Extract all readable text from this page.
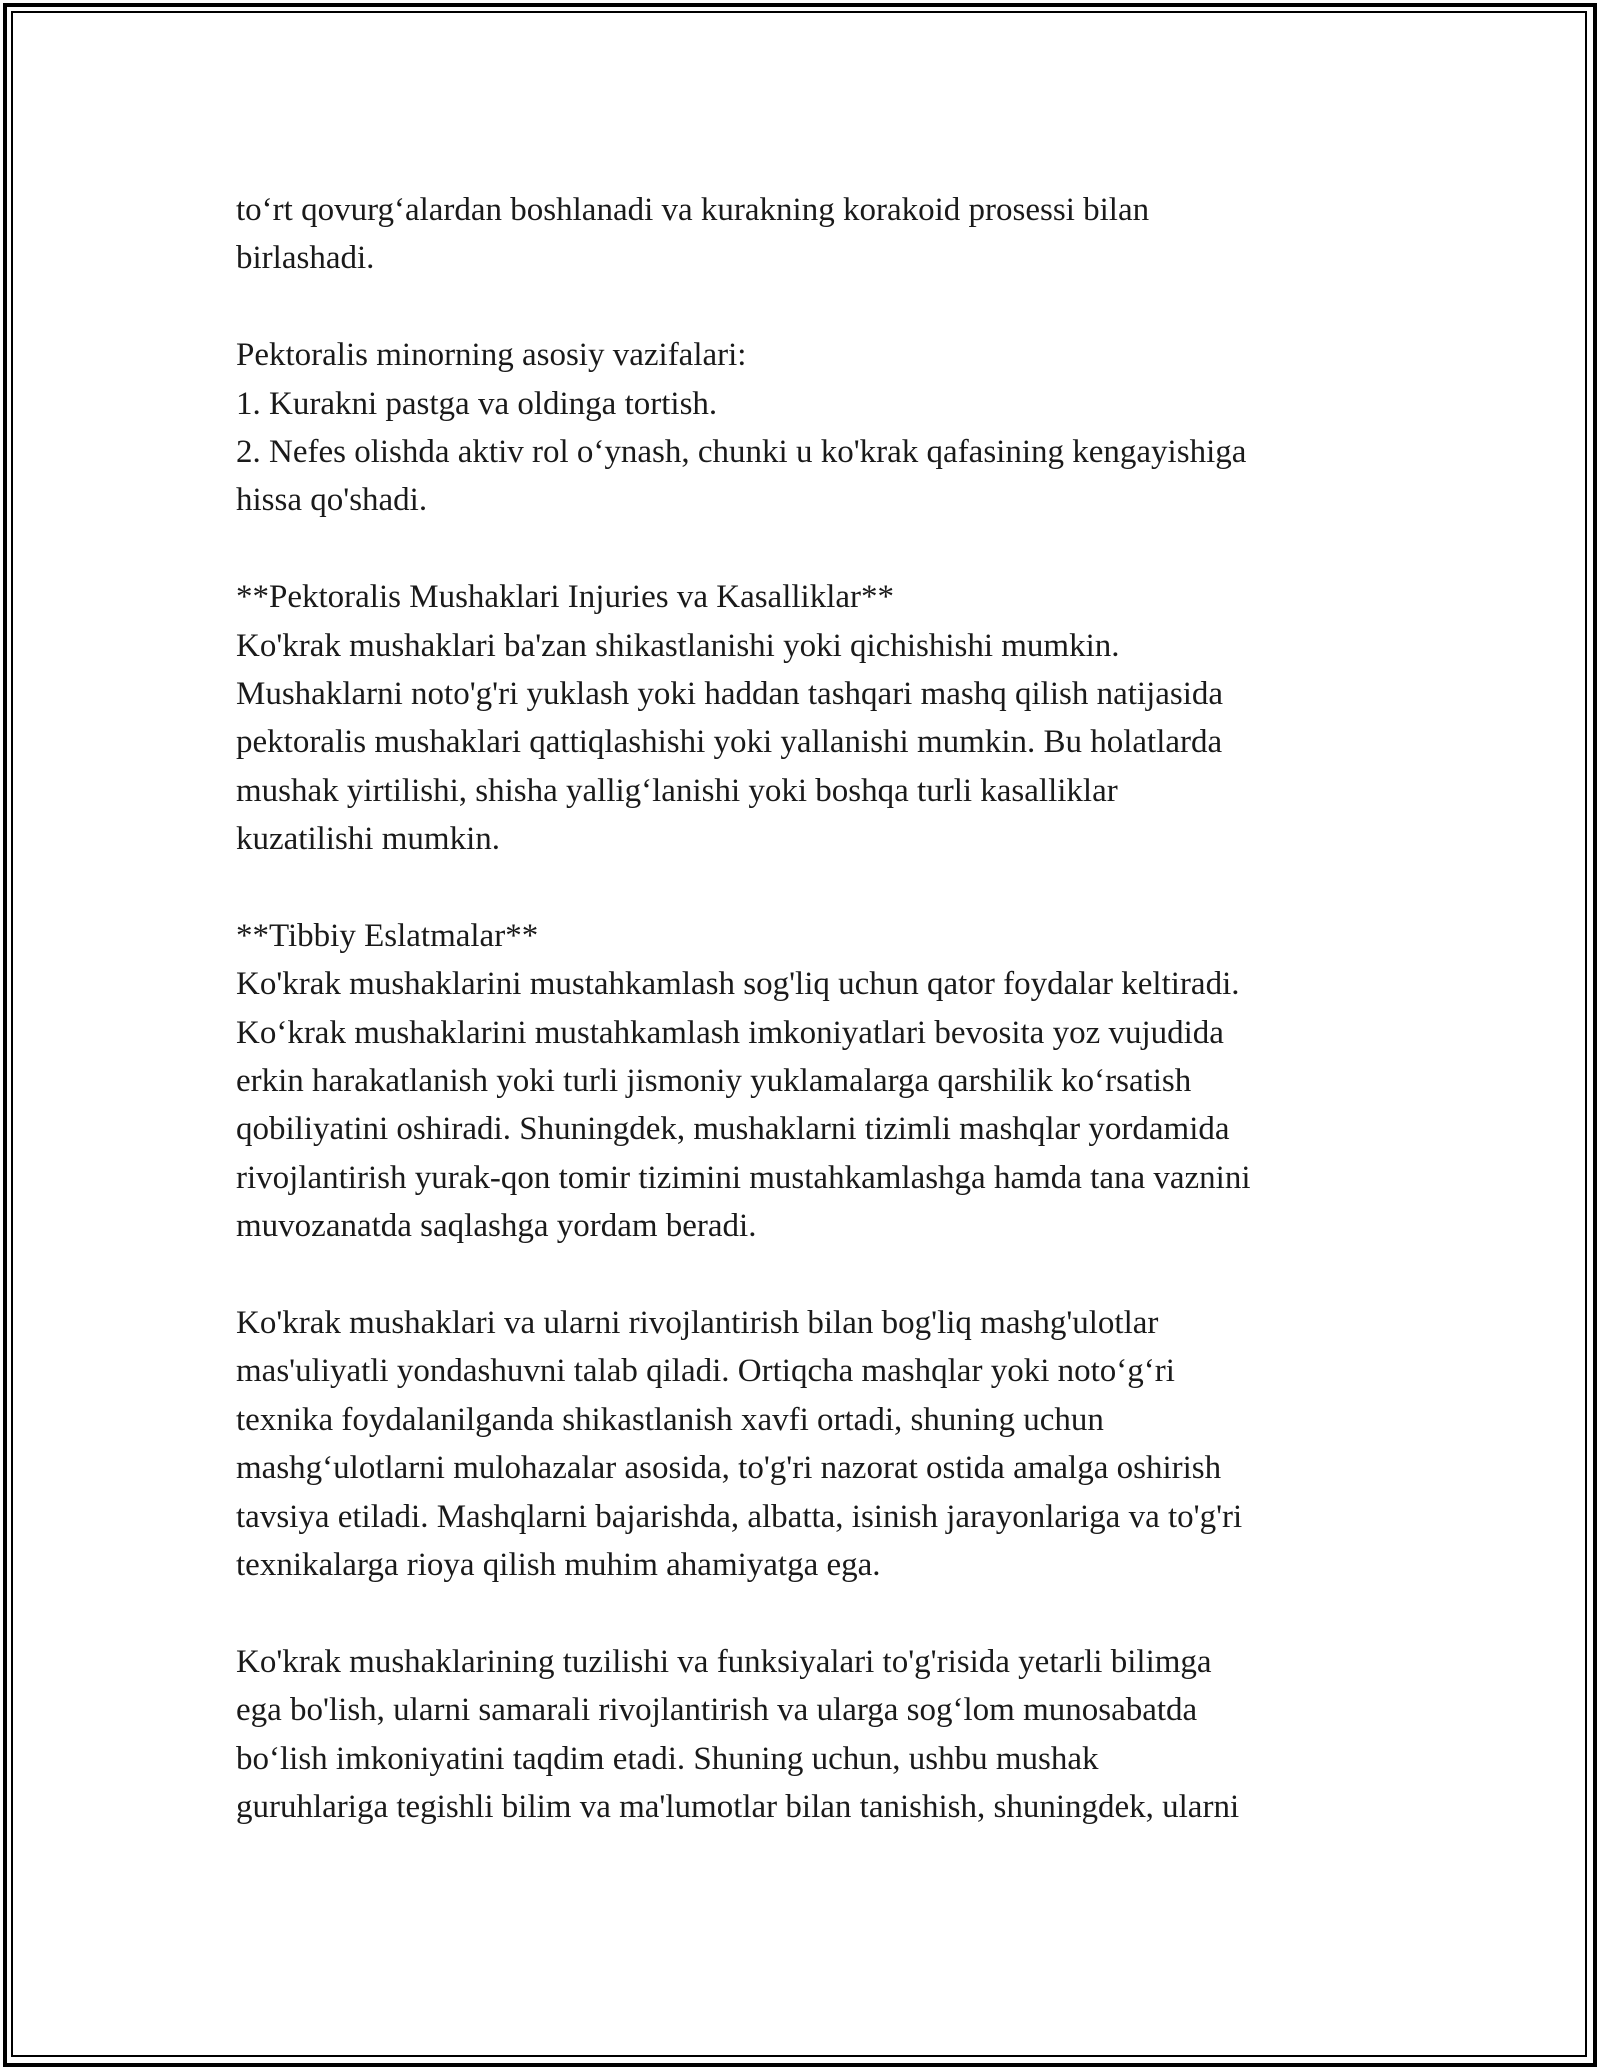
to‘rt qovurg‘alardan boshlanadi va kurakning korakoid prosessi bilan
birlashadi.
Pektoralis minorning asosiy vazifalari:
1. Kurakni pastga va oldinga tortish.
2. Nefes olishda aktiv rol o‘ynash, chunki u ko'krak qafasining kengayishiga
hissa qo'shadi.
**Pektoralis Mushaklari Injuries va Kasalliklar**
Ko'krak mushaklari ba'zan shikastlanishi yoki qichishishi mumkin.
Mushaklarni noto'g'ri yuklash yoki haddan tashqari mashq qilish natijasida
pektoralis mushaklari qattiqlashishi yoki yallanishi mumkin. Bu holatlarda
mushak yirtilishi, shisha yallig‘lanishi yoki boshqa turli kasalliklar
kuzatilishi mumkin.
**Tibbiy Eslatmalar**
Ko'krak mushaklarini mustahkamlash sog'liq uchun qator foydalar keltiradi.
Ko‘krak mushaklarini mustahkamlash imkoniyatlari bevosita yoz vujudida
erkin harakatlanish yoki turli jismoniy yuklamalarga qarshilik ko‘rsatish
qobiliyatini oshiradi. Shuningdek, mushaklarni tizimli mashqlar yordamida
rivojlantirish yurak-qon tomir tizimini mustahkamlashga hamda tana vaznini
muvozanatda saqlashga yordam beradi.
Ko'krak mushaklari va ularni rivojlantirish bilan bog'liq mashg'ulotlar
mas'uliyatli yondashuvni talab qiladi. Ortiqcha mashqlar yoki noto‘g‘ri
texnika foydalanilganda shikastlanish xavfi ortadi, shuning uchun
mashg‘ulotlarni mulohazalar asosida, to'g'ri nazorat ostida amalga oshirish
tavsiya etiladi. Mashqlarni bajarishda, albatta, isinish jarayonlariga va to'g'ri
texnikalarga rioya qilish muhim ahamiyatga ega.
Ko'krak mushaklarining tuzilishi va funksiyalari to'g'risida yetarli bilimga
ega bo'lish, ularni samarali rivojlantirish va ularga sog‘lom munosabatda
bo‘lish imkoniyatini taqdim etadi. Shuning uchun, ushbu mushak
guruhlariga tegishli bilim va ma'lumotlar bilan tanishish, shuningdek, ularni
